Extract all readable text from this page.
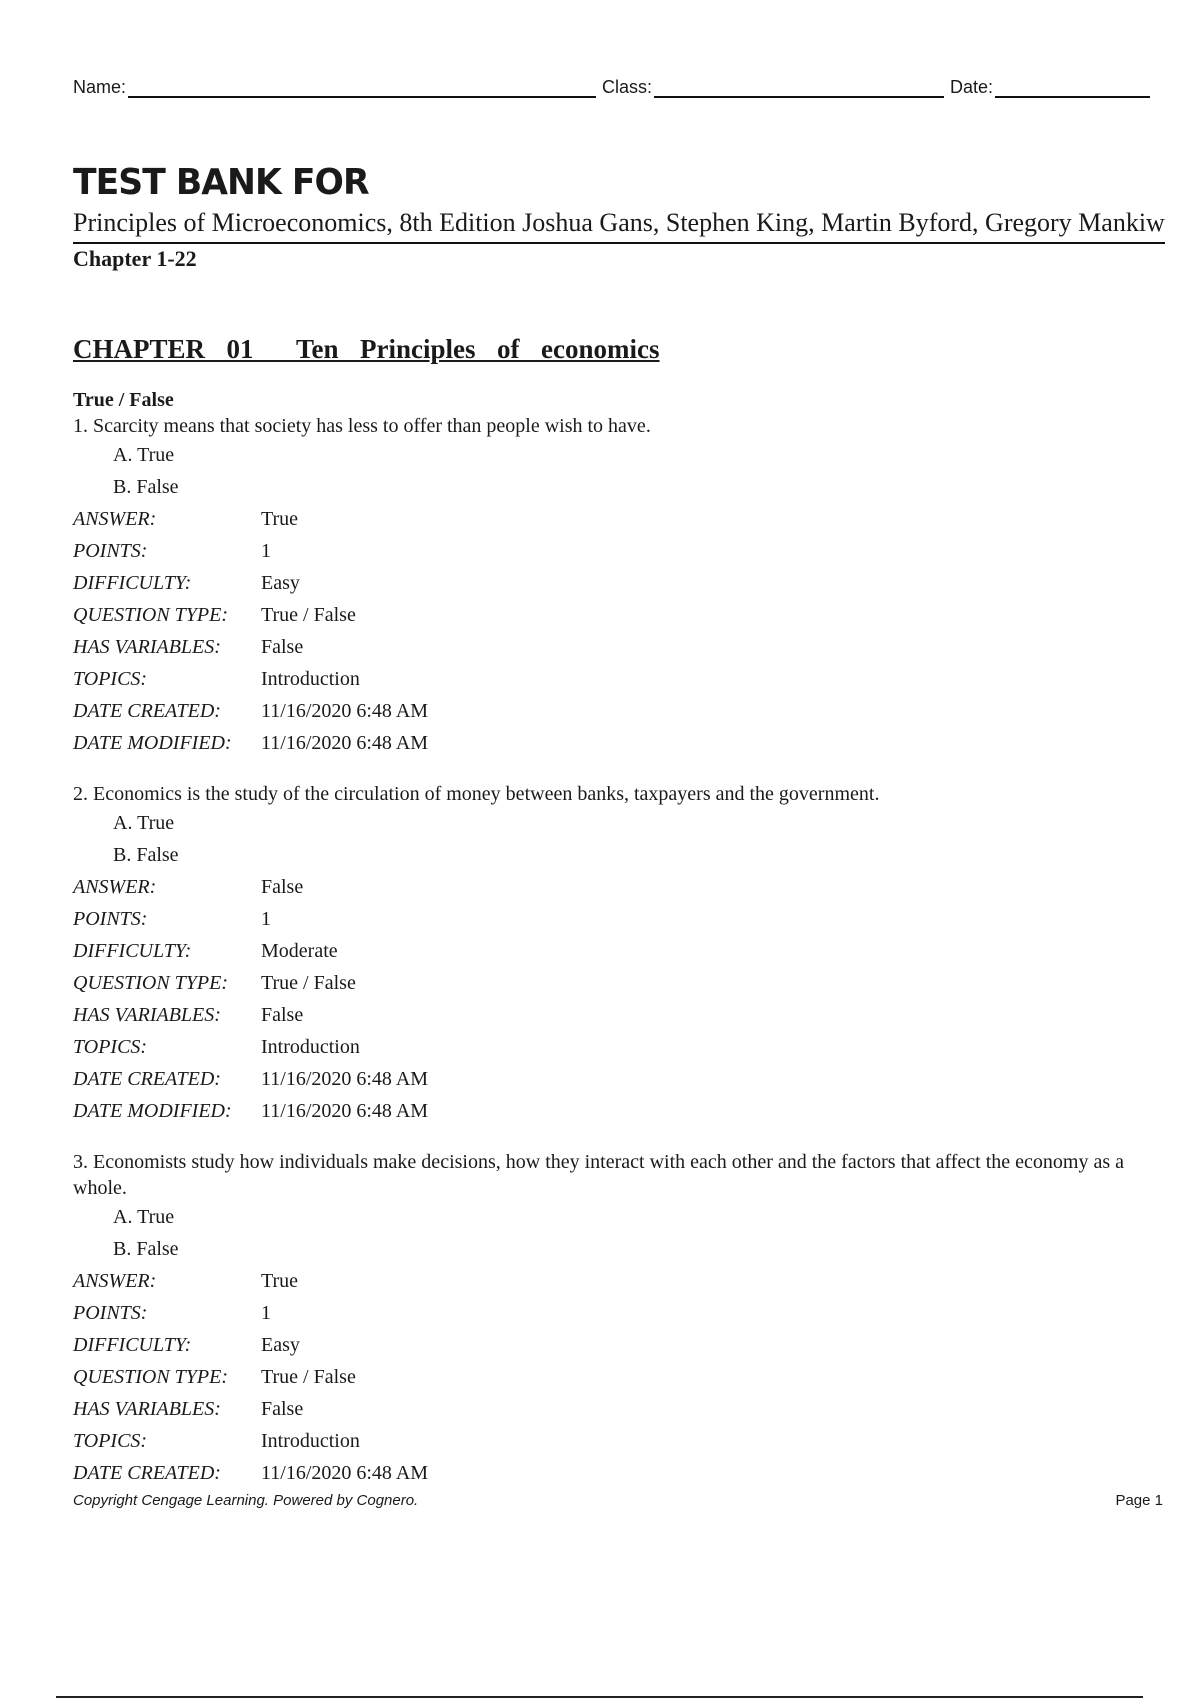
Name:	Class:	Date:
TEST BANK FOR
Principles of Microeconomics, 8th Edition Joshua Gans, Stephen King, Martin Byford, Gregory Mankiw
Chapter 1-22
CHAPTER  01 Ten  Principles  of  economics
True / False
1. Scarcity means that society has less to offer than people wish to have.
A. True
B. False
ANSWER:	True
POINTS:	1
DIFFICULTY:	Easy
QUESTION TYPE:	True / False
HAS VARIABLES:	False
TOPICS:	Introduction
DATE CREATED:	11/16/2020 6:48 AM
DATE MODIFIED:	11/16/2020 6:48 AM
2. Economics is the study of the circulation of money between banks, taxpayers and the government.
A. True
B. False
ANSWER:	False
POINTS:	1
DIFFICULTY:	Moderate
QUESTION TYPE:	True / False
HAS VARIABLES:	False
TOPICS:	Introduction
DATE CREATED:	11/16/2020 6:48 AM
DATE MODIFIED:	11/16/2020 6:48 AM
3. Economists study how individuals make decisions, how they interact with each other and the factors that affect the economy as a whole.
A. True
B. False
ANSWER:	True
POINTS:	1
DIFFICULTY:	Easy
QUESTION TYPE:	True / False
HAS VARIABLES:	False
TOPICS:	Introduction
DATE CREATED:	11/16/2020 6:48 AM
Copyright Cengage Learning. Powered by Cognero.	Page 1
